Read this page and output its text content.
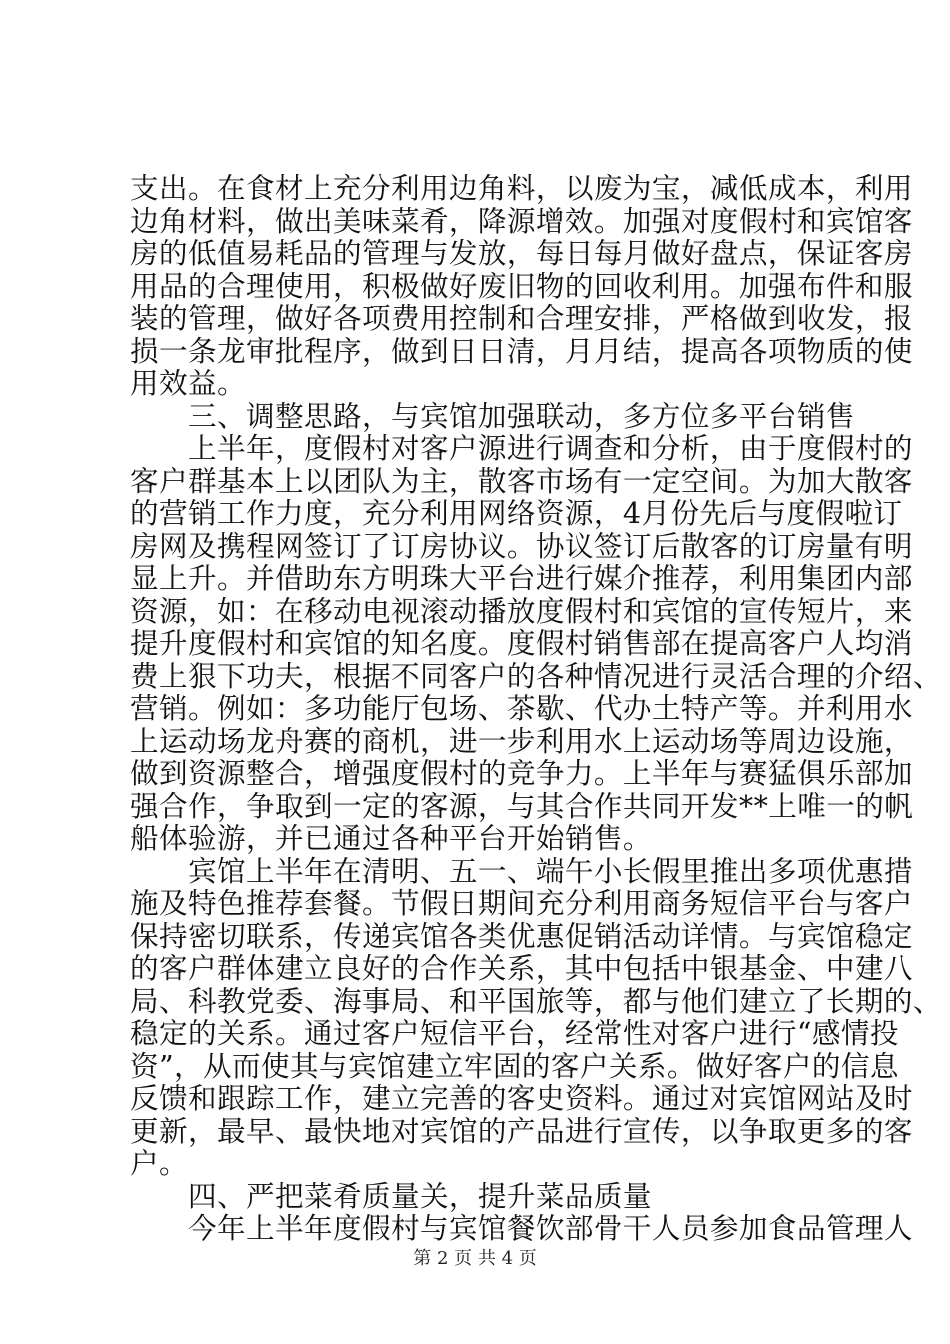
支出。在食材上充分利用边角料，以废为宝，减低成本，利用
边角材料，做出美味菜肴，降源增效。加强对度假村和宾馆客
房的低值易耗品的管理与发放，每日每月做好盘点，保证客房
用品的合理使用，积极做好废旧物的回收利用。加强布件和服
装的管理，做好各项费用控制和合理安排，严格做到收发，报
损一条龙审批程序，做到日日清，月月结，提高各项物质的使
用效益。
　　三、调整思路，与宾馆加强联动，多方位多平台销售
　　上半年，度假村对客户源进行调查和分析，由于度假村的
客户群基本上以团队为主，散客市场有一定空间。为加大散客
的营销工作力度，充分利用网络资源，4月份先后与度假啦订
房网及携程网签订了订房协议。协议签订后散客的订房量有明
显上升。并借助东方明珠大平台进行媒介推荐，利用集团内部
资源，如：在移动电视滚动播放度假村和宾馆的宣传短片，来
提升度假村和宾馆的知名度。度假村销售部在提高客户人均消
费上狠下功夫，根据不同客户的各种情况进行灵活合理的介绍、
营销。例如：多功能厅包场、茶歇、代办土特产等。并利用水
上运动场龙舟赛的商机，进一步利用水上运动场等周边设施，
做到资源整合，增强度假村的竞争力。上半年与赛猛俱乐部加
强合作，争取到一定的客源，与其合作共同开发**上唯一的帆
船体验游，并已通过各种平台开始销售。
　　宾馆上半年在清明、五一、端午小长假里推出多项优惠措
施及特色推荐套餐。节假日期间充分利用商务短信平台与客户
保持密切联系，传递宾馆各类优惠促销活动详情。与宾馆稳定
的客户群体建立良好的合作关系，其中包括中银基金、中建八
局、科教党委、海事局、和平国旅等，都与他们建立了长期的、
稳定的关系。通过客户短信平台，经常性对客户进行“感情投
资”，从而使其与宾馆建立牢固的客户关系。做好客户的信息
反馈和跟踪工作，建立完善的客史资料。通过对宾馆网站及时
更新，最早、最快地对宾馆的产品进行宣传，以争取更多的客
户。
　　四、严把菜肴质量关，提升菜品质量
　　今年上半年度假村与宾馆餐饮部骨干人员参加食品管理人
第 2 页 共 4 页
